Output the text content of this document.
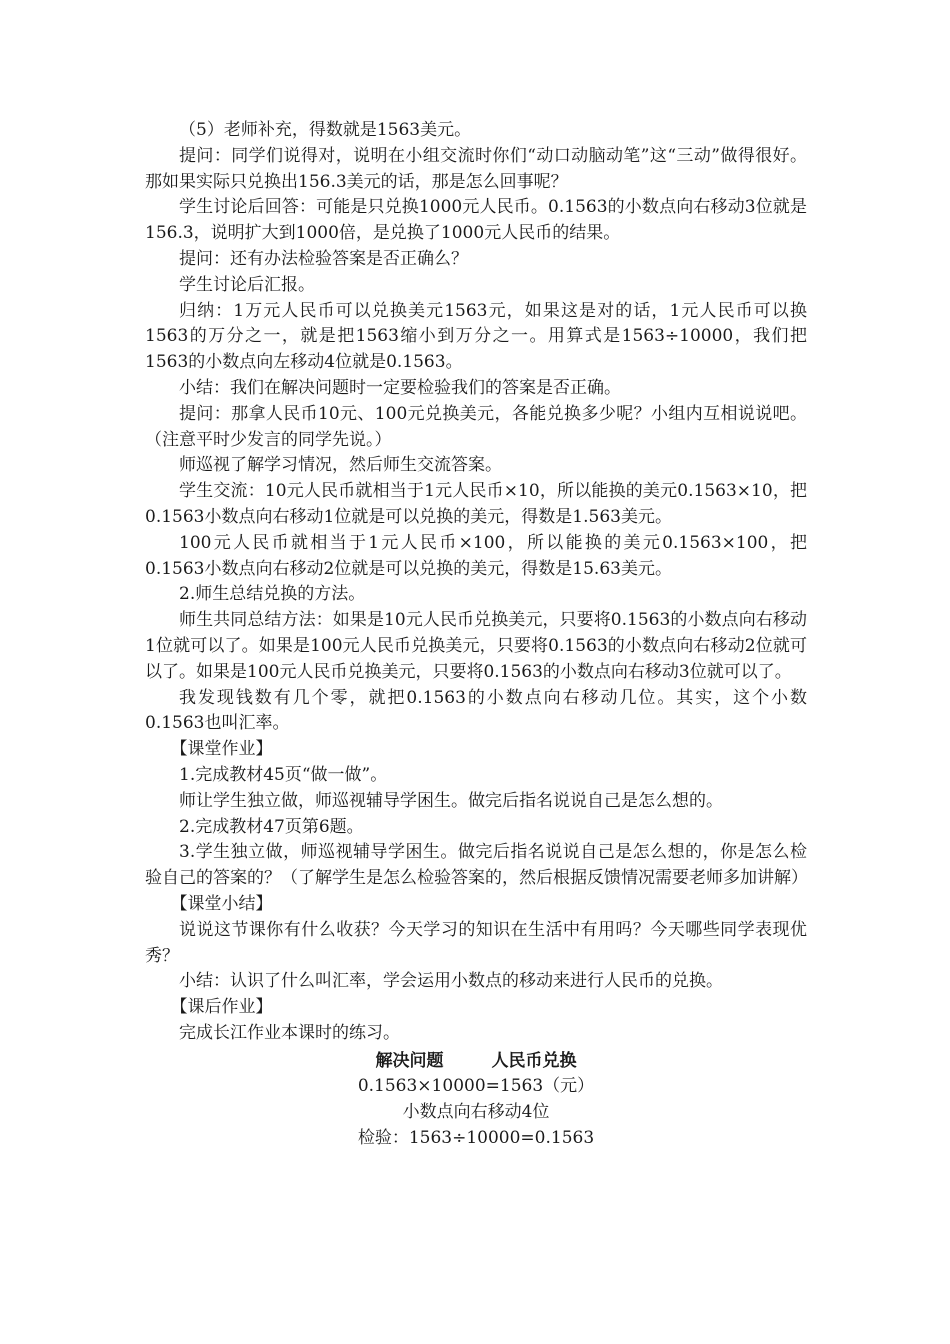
（5）老师补充，得数就是1563美元。

提问：同学们说得对，说明在小组交流时你们“动口动脑动笔”这“三动”做得很好。那如果实际只兑换出156.3美元的话，那是怎么回事呢？

学生讨论后回答：可能是只兑换1000元人民币。0.1563的小数点向右移动3位就是156.3，说明扩大到1000倍，是兑换了1000元人民币的结果。

提问：还有办法检验答案是否正确么？

学生讨论后汇报。

归纳：1万元人民币可以兑换美元1563元，如果这是对的话，1元人民币可以换1563的万分之一，就是把1563缩小到万分之一。用算式是1563÷10000，我们把1563的小数点向左移动4位就是0.1563。

小结：我们在解决问题时一定要检验我们的答案是否正确。

提问：那拿人民币10元、100元兑换美元，各能兑换多少呢？小组内互相说说吧。（注意平时少发言的同学先说。）

师巡视了解学习情况，然后师生交流答案。

学生交流：10元人民币就相当于1元人民币×10，所以能换的美元0.1563×10，把0.1563小数点向右移动1位就是可以兑换的美元，得数是1.563美元。

100元人民币就相当于1元人民币×100，所以能换的美元0.1563×100，把0.1563小数点向右移动2位就是可以兑换的美元，得数是15.63美元。

2.师生总结兑换的方法。

师生共同总结方法：如果是10元人民币兑换美元，只要将0.1563的小数点向右移动1位就可以了。如果是100元人民币兑换美元，只要将0.1563的小数点向右移动2位就可以了。如果是100元人民币兑换美元，只要将0.1563的小数点向右移动3位就可以了。

我发现钱数有几个零，就把0.1563的小数点向右移动几位。其实，这个小数0.1563也叫汇率。

【课堂作业】

1.完成教材45页“做一做”。

师让学生独立做，师巡视辅导学困生。做完后指名说说自己是怎么想的。

2.完成教材47页第6题。

3.学生独立做，师巡视辅导学困生。做完后指名说说自己是怎么想的，你是怎么检验自己的答案的？（了解学生是怎么检验答案的，然后根据反馈情况需要老师多加讲解）

【课堂小结】

说说这节课你有什么收获？今天学习的知识在生活中有用吗？今天哪些同学表现优秀？

小结：认识了什么叫汇率，学会运用小数点的移动来进行人民币的兑换。

【课后作业】

完成长江作业本课时的练习。

解决问题	人民币兑换

0.1563×10000=1563（元）

小数点向右移动4位

检验：1563÷10000=0.1563
